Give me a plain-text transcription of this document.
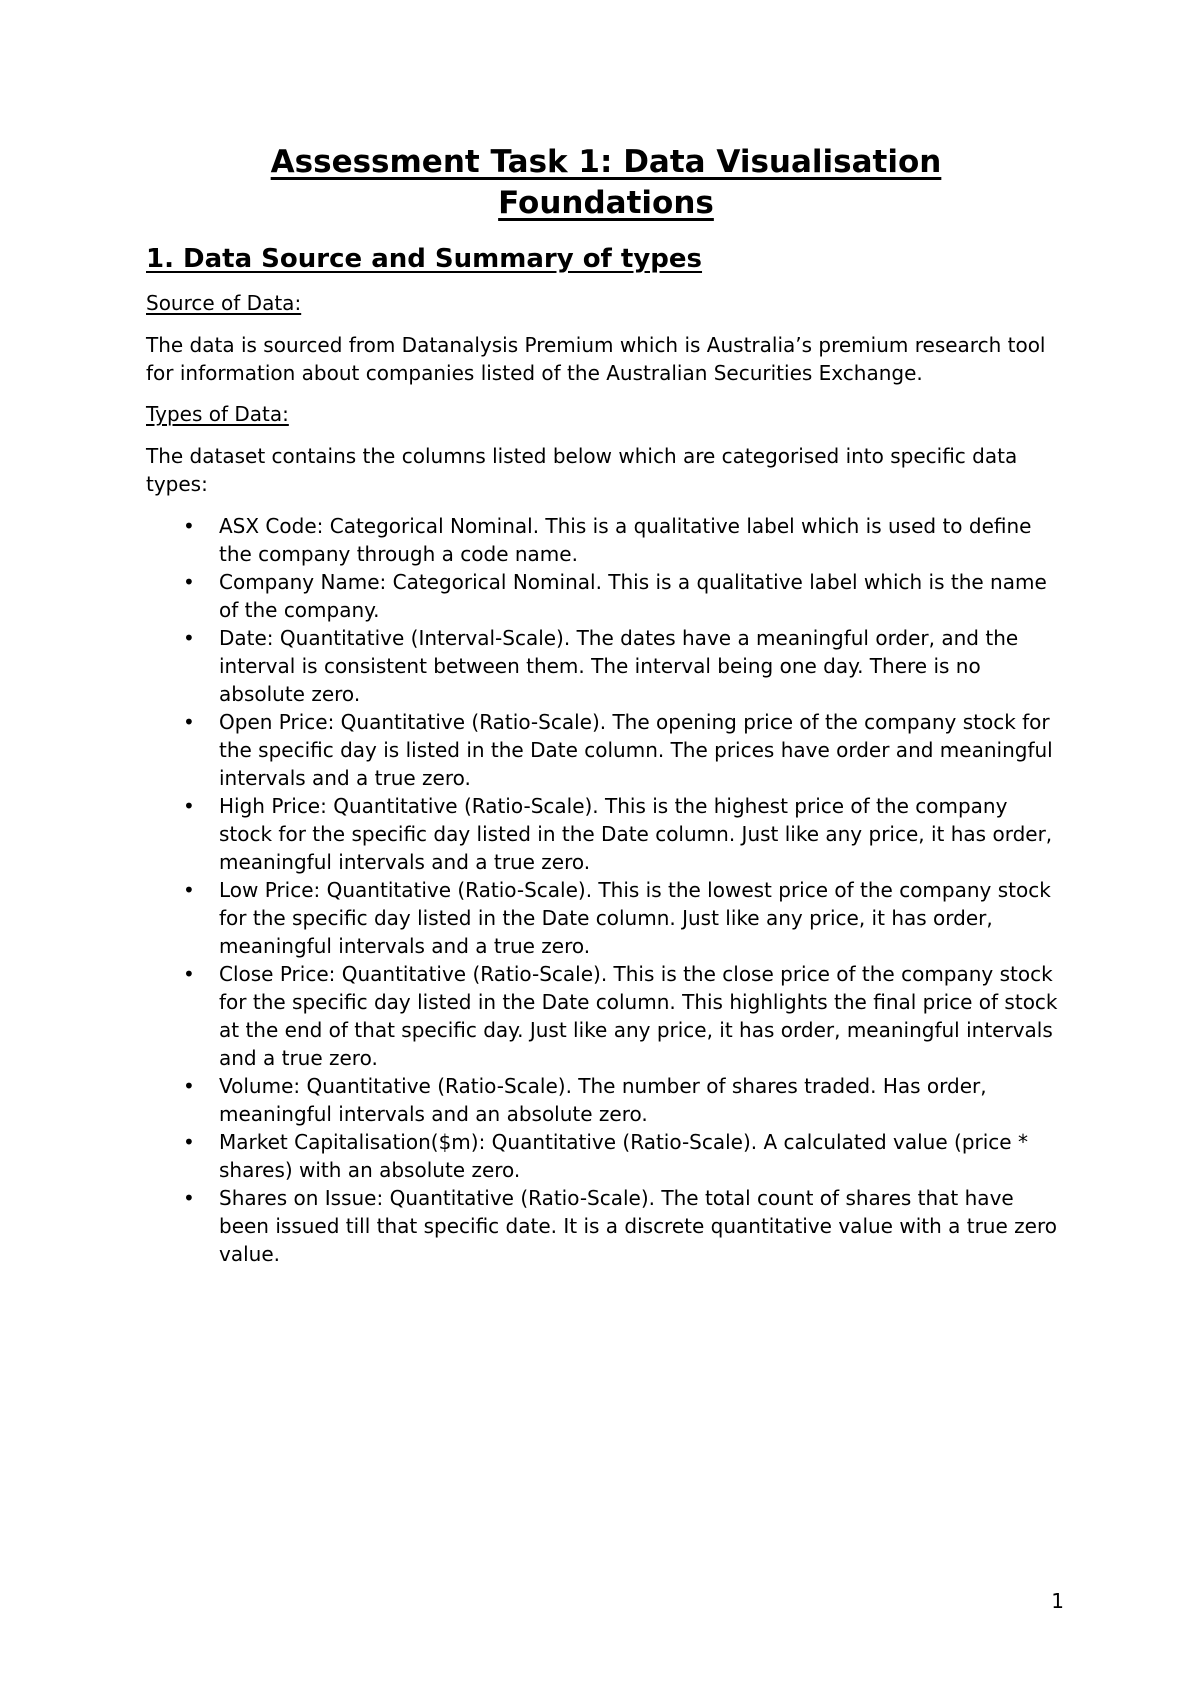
Assessment Task 1: Data Visualisation
Foundations
1. Data Source and Summary of types
Source of Data:

The data is sourced from Datanalysis Premium which is Australia’s premium research tool for information about companies listed of the Australian Securities Exchange.

Types of Data:

The dataset contains the columns listed below which are categorised into specific data types:

• ASX Code: Categorical Nominal. This is a qualitative label which is used to define the company through a code name.
• Company Name: Categorical Nominal. This is a qualitative label which is the name of the company.
• Date: Quantitative (Interval-Scale). The dates have a meaningful order, and the interval is consistent between them. The interval being one day. There is no absolute zero.
• Open Price: Quantitative (Ratio-Scale). The opening price of the company stock for the specific day is listed in the Date column. The prices have order and meaningful intervals and a true zero.
• High Price: Quantitative (Ratio-Scale). This is the highest price of the company stock for the specific day listed in the Date column. Just like any price, it has order, meaningful intervals and a true zero.
• Low Price: Quantitative (Ratio-Scale). This is the lowest price of the company stock for the specific day listed in the Date column. Just like any price, it has order, meaningful intervals and a true zero.
• Close Price: Quantitative (Ratio-Scale). This is the close price of the company stock for the specific day listed in the Date column. This highlights the final price of stock at the end of that specific day. Just like any price, it has order, meaningful intervals and a true zero.
• Volume: Quantitative (Ratio-Scale). The number of shares traded. Has order, meaningful intervals and an absolute zero.
• Market Capitalisation($m): Quantitative (Ratio-Scale). A calculated value (price * shares) with an absolute zero.
• Shares on Issue: Quantitative (Ratio-Scale). The total count of shares that have been issued till that specific date. It is a discrete quantitative value with a true zero value.
1
